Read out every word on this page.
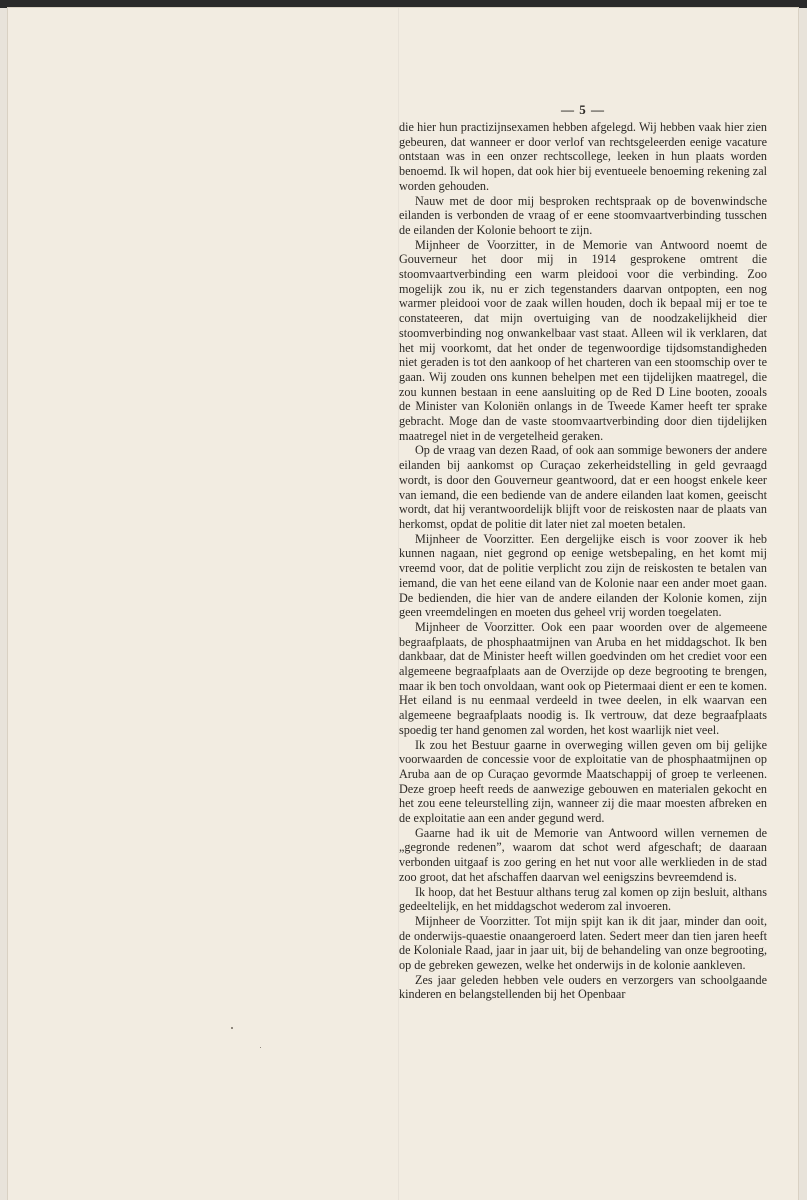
— 5 —

die hier hun practizijnsexamen hebben afgelegd. Wij hebben vaak hier zien gebeuren, dat wanneer er door verlof van rechtsgeleerden eenige vacature ontstaan was in een onzer rechtscollege, leeken in hun plaats worden benoemd. Ik wil hopen, dat ook hier bij eventueele benoeming rekening zal worden gehouden.

Nauw met de door mij besproken rechtspraak op de bovenwindsche eilanden is verbonden de vraag of er eene stoomvaartverbinding tusschen de eilanden der Kolonie behoort te zijn.

Mijnheer de Voorzitter, in de Memorie van Antwoord noemt de Gouverneur het door mij in 1914 gesprokene omtrent die stoomvaartverbinding een warm pleidooi voor die verbinding. Zoo mogelijk zou ik, nu er zich tegenstanders daarvan ontpopten, een nog warmer pleidooi voor de zaak willen houden, doch ik bepaal mij er toe te constateeren, dat mijn overtuiging van de noodzakelijkheid dier stoomverbinding nog onwankelbaar vast staat. Alleen wil ik verklaren, dat het mij voorkomt, dat het onder de tegenwoordige tijdsomstandigheden niet geraden is tot den aankoop of het charteren van een stoomschip over te gaan. Wij zouden ons kunnen behelpen met een tijdelijken maatregel, die zou kunnen bestaan in eene aansluiting op de Red D Line booten, zooals de Minister van Koloniën onlangs in de Tweede Kamer heeft ter sprake gebracht. Moge dan de vaste stoomvaartverbinding door dien tijdelijken maatregel niet in de vergetelheid geraken.

Op de vraag van dezen Raad, of ook aan sommige bewoners der andere eilanden bij aankomst op Curaçao zekerheidstelling in geld gevraagd wordt, is door den Gouverneur geantwoord, dat er een hoogst enkele keer van iemand, die een bediende van de andere eilanden laat komen, geeischt wordt, dat hij verantwoordelijk blijft voor de reiskosten naar de plaats van herkomst, opdat de politie dit later niet zal moeten betalen.

Mijnheer de Voorzitter. Een dergelijke eisch is voor zoover ik heb kunnen nagaan, niet gegrond op eenige wetsbepaling, en het komt mij vreemd voor, dat de politie verplicht zou zijn de reiskosten te betalen van iemand, die van het eene eiland van de Kolonie naar een ander moet gaan. De bedienden, die hier van de andere eilanden der Kolonie komen, zijn geen vreemdelingen en moeten dus geheel vrij worden toegelaten.

Mijnheer de Voorzitter. Ook een paar woorden over de algemeene begraafplaats, de phosphaatmijnen van Aruba en het middagschot. Ik ben dankbaar, dat de Minister heeft willen goedvinden om het crediet voor een algemeene begraafplaats aan de Overzijde op deze begrooting te brengen, maar ik ben toch onvoldaan, want ook op Pietermaai dient er een te komen. Het eiland is nu eenmaal verdeeld in twee deelen, in elk waarvan een algemeene begraafplaats noodig is. Ik vertrouw, dat deze begraafplaats spoedig ter hand genomen zal worden, het kost waarlijk niet veel.

Ik zou het Bestuur gaarne in overweging willen geven om bij gelijke voorwaarden de concessie voor de exploitatie van de phosphaatmijnen op Aruba aan de op Curaçao gevormde Maatschappij of groep te verleenen. Deze groep heeft reeds de aanwezige gebouwen en materialen gekocht en het zou eene teleurstelling zijn, wanneer zij die maar moesten afbreken en de exploitatie aan een ander gegund werd.

Gaarne had ik uit de Memorie van Antwoord willen vernemen de „gegronde redenen”, waarom dat schot werd afgeschaft; de daaraan verbonden uitgaaf is zoo gering en het nut voor alle werklieden in de stad zoo groot, dat het afschaffen daarvan wel eenigszins bevreemdend is.

Ik hoop, dat het Bestuur althans terug zal komen op zijn besluit, althans gedeeltelijk, en het middagschot wederom zal invoeren.

Mijnheer de Voorzitter. Tot mijn spijt kan ik dit jaar, minder dan ooit, de onderwijs-quaestie onaangeroerd laten. Sedert meer dan tien jaren heeft de Koloniale Raad, jaar in jaar uit, bij de behandeling van onze begrooting, op de gebreken gewezen, welke het onderwijs in de kolonie aankleven.

Zes jaar geleden hebben vele ouders en verzorgers van schoolgaande kinderen en belangstellenden bij het Openbaar
